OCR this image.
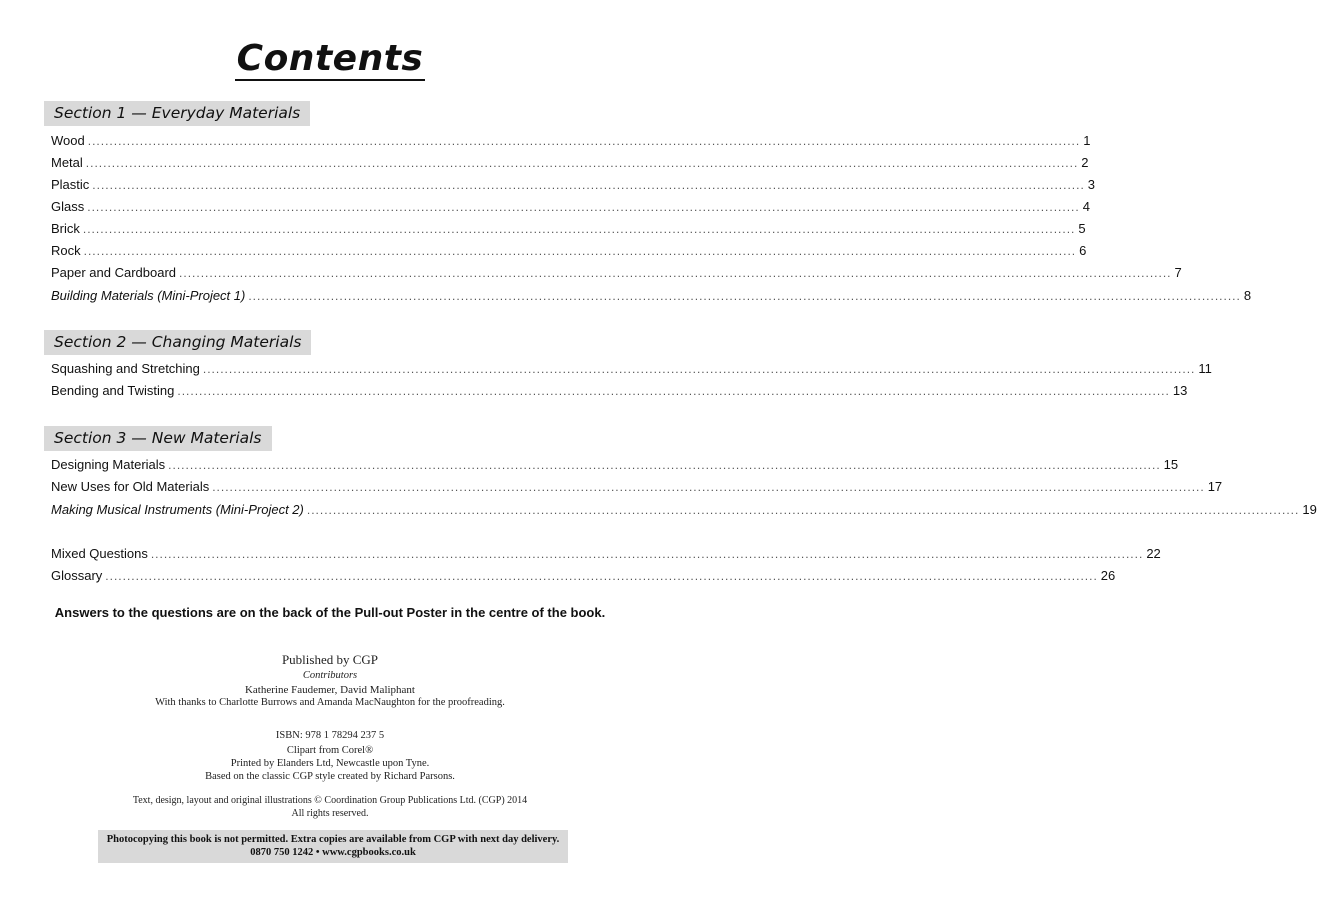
Contents
Section 1 — Everyday Materials
Wood ..................................................................................................................................................................................................................................... 1
Metal ..................................................................................................................................................................................................................................... 2
Plastic ..................................................................................................................................................................................................................................... 3
Glass ..................................................................................................................................................................................................................................... 4
Brick ..................................................................................................................................................................................................................................... 5
Rock ..................................................................................................................................................................................................................................... 6
Paper and Cardboard ..................................................................................................................................................................................................................................... 7
Building Materials (Mini-Project 1) ..................................................................................................................................................................................................................................... 8
Section 2 — Changing Materials
Squashing and Stretching ..................................................................................................................................................................................................................................... 11
Bending and Twisting ..................................................................................................................................................................................................................................... 13
Section 3 — New Materials
Designing Materials ..................................................................................................................................................................................................................................... 15
New Uses for Old Materials ..................................................................................................................................................................................................................................... 17
Making Musical Instruments (Mini-Project 2) ..................................................................................................................................................................................................................................... 19
Mixed Questions ..................................................................................................................................................................................................................................... 22
Glossary ..................................................................................................................................................................................................................................... 26
Answers to the questions are on the back of the Pull-out Poster in the centre of the book.
Published by CGP
Contributors
Katherine Faudemer, David Maliphant
With thanks to Charlotte Burrows and Amanda MacNaughton for the proofreading.
ISBN: 978 1 78294 237 5
Clipart from Corel®
Printed by Elanders Ltd, Newcastle upon Tyne.
Based on the classic CGP style created by Richard Parsons.
Text, design, layout and original illustrations © Coordination Group Publications Ltd. (CGP) 2014
All rights reserved.
Photocopying this book is not permitted. Extra copies are available from CGP with next day delivery.
0870 750 1242 • www.cgpbooks.co.uk
